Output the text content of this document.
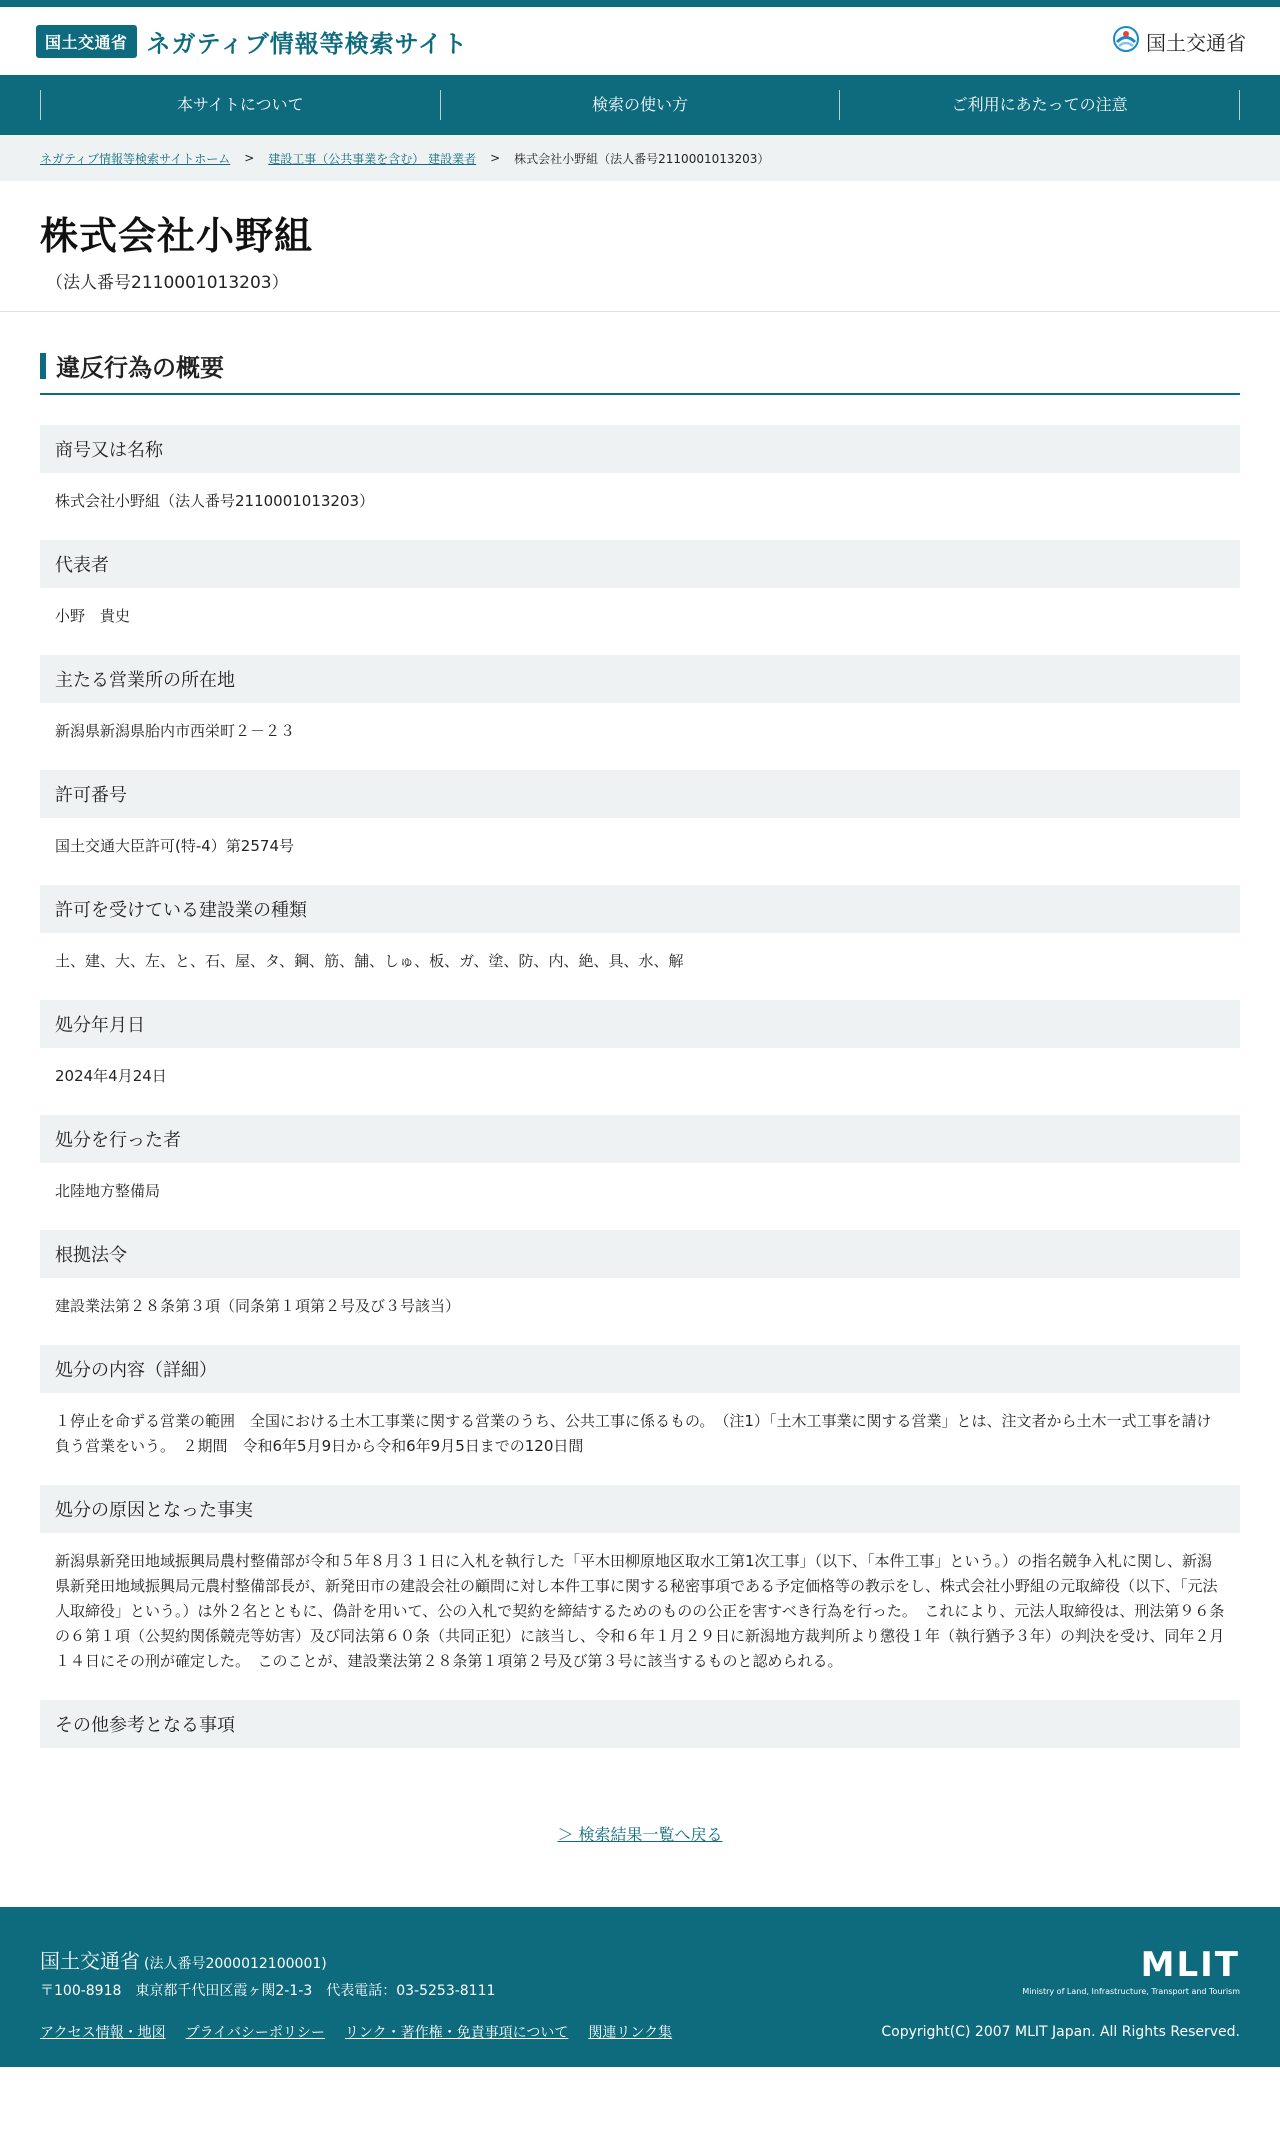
国土交通省 ネガティブ情報等検索サイト	国土交通省
本サイトについて	検索の使い方	ご利用にあたっての注意
ネガティブ情報等検索サイトホーム > 建設工事（公共事業を含む） 建設業者 > 株式会社小野組（法人番号2110001013203）
株式会社小野組
（法人番号2110001013203）
違反行為の概要
商号又は名称
株式会社小野組（法人番号2110001013203）
代表者
小野　貴史
主たる営業所の所在地
新潟県新潟県胎内市西栄町２－２３
許可番号
国土交通大臣許可(特-4）第2574号
許可を受けている建設業の種類
土、建、大、左、と、石、屋、タ、鋼、筋、舗、しゅ、板、ガ、塗、防、内、絶、具、水、解
処分年月日
2024年4月24日
処分を行った者
北陸地方整備局
根拠法令
建設業法第２８条第３項（同条第１項第２号及び３号該当）
処分の内容（詳細）
１停止を命ずる営業の範囲　全国における土木工事業に関する営業のうち、公共工事に係るもの。　（注1）「土木工事業に関する営業」とは、注文者から土木一式工事を請け負う営業をいう。　２期間　令和6年5月9日から令和6年9月5日までの120日間
処分の原因となった事実
新潟県新発田地域振興局農村整備部が令和５年８月３１日に入札を執行した「平木田柳原地区取水工第1次工事」（以下、「本件工事」という。）の指名競争入札に関し、新潟県新発田地域振興局元農村整備部長が、新発田市の建設会社の顧問に対し本件工事に関する秘密事項である予定価格等の教示をし、株式会社小野組の元取締役（以下、「元法人取締役」という。）は外２名とともに、偽計を用いて、公の入札で契約を締結するためのものの公正を害すべき行為を行った。　これにより、元法人取締役は、刑法第９６条の６第１項（公契約関係競売等妨害）及び同法第６０条（共同正犯）に該当し、令和６年１月２９日に新潟地方裁判所より懲役１年（執行猶予３年）の判決を受け、同年２月１４日にその刑が確定した。　このことが、建設業法第２８条第１項第２号及び第３号に該当するものと認められる。
その他参考となる事項
＞ 検索結果一覧へ戻る
国土交通省 (法人番号2000012100001)
〒100-8918　東京都千代田区霞ヶ関2-1-3　代表電話：03-5253-8111
アクセス情報・地図 プライバシーポリシー リンク・著作権・免責事項について 関連リンク集
MLIT
Ministry of Land, Infrastructure, Transport and Tourism
Copyright(C) 2007 MLIT Japan. All Rights Reserved.
